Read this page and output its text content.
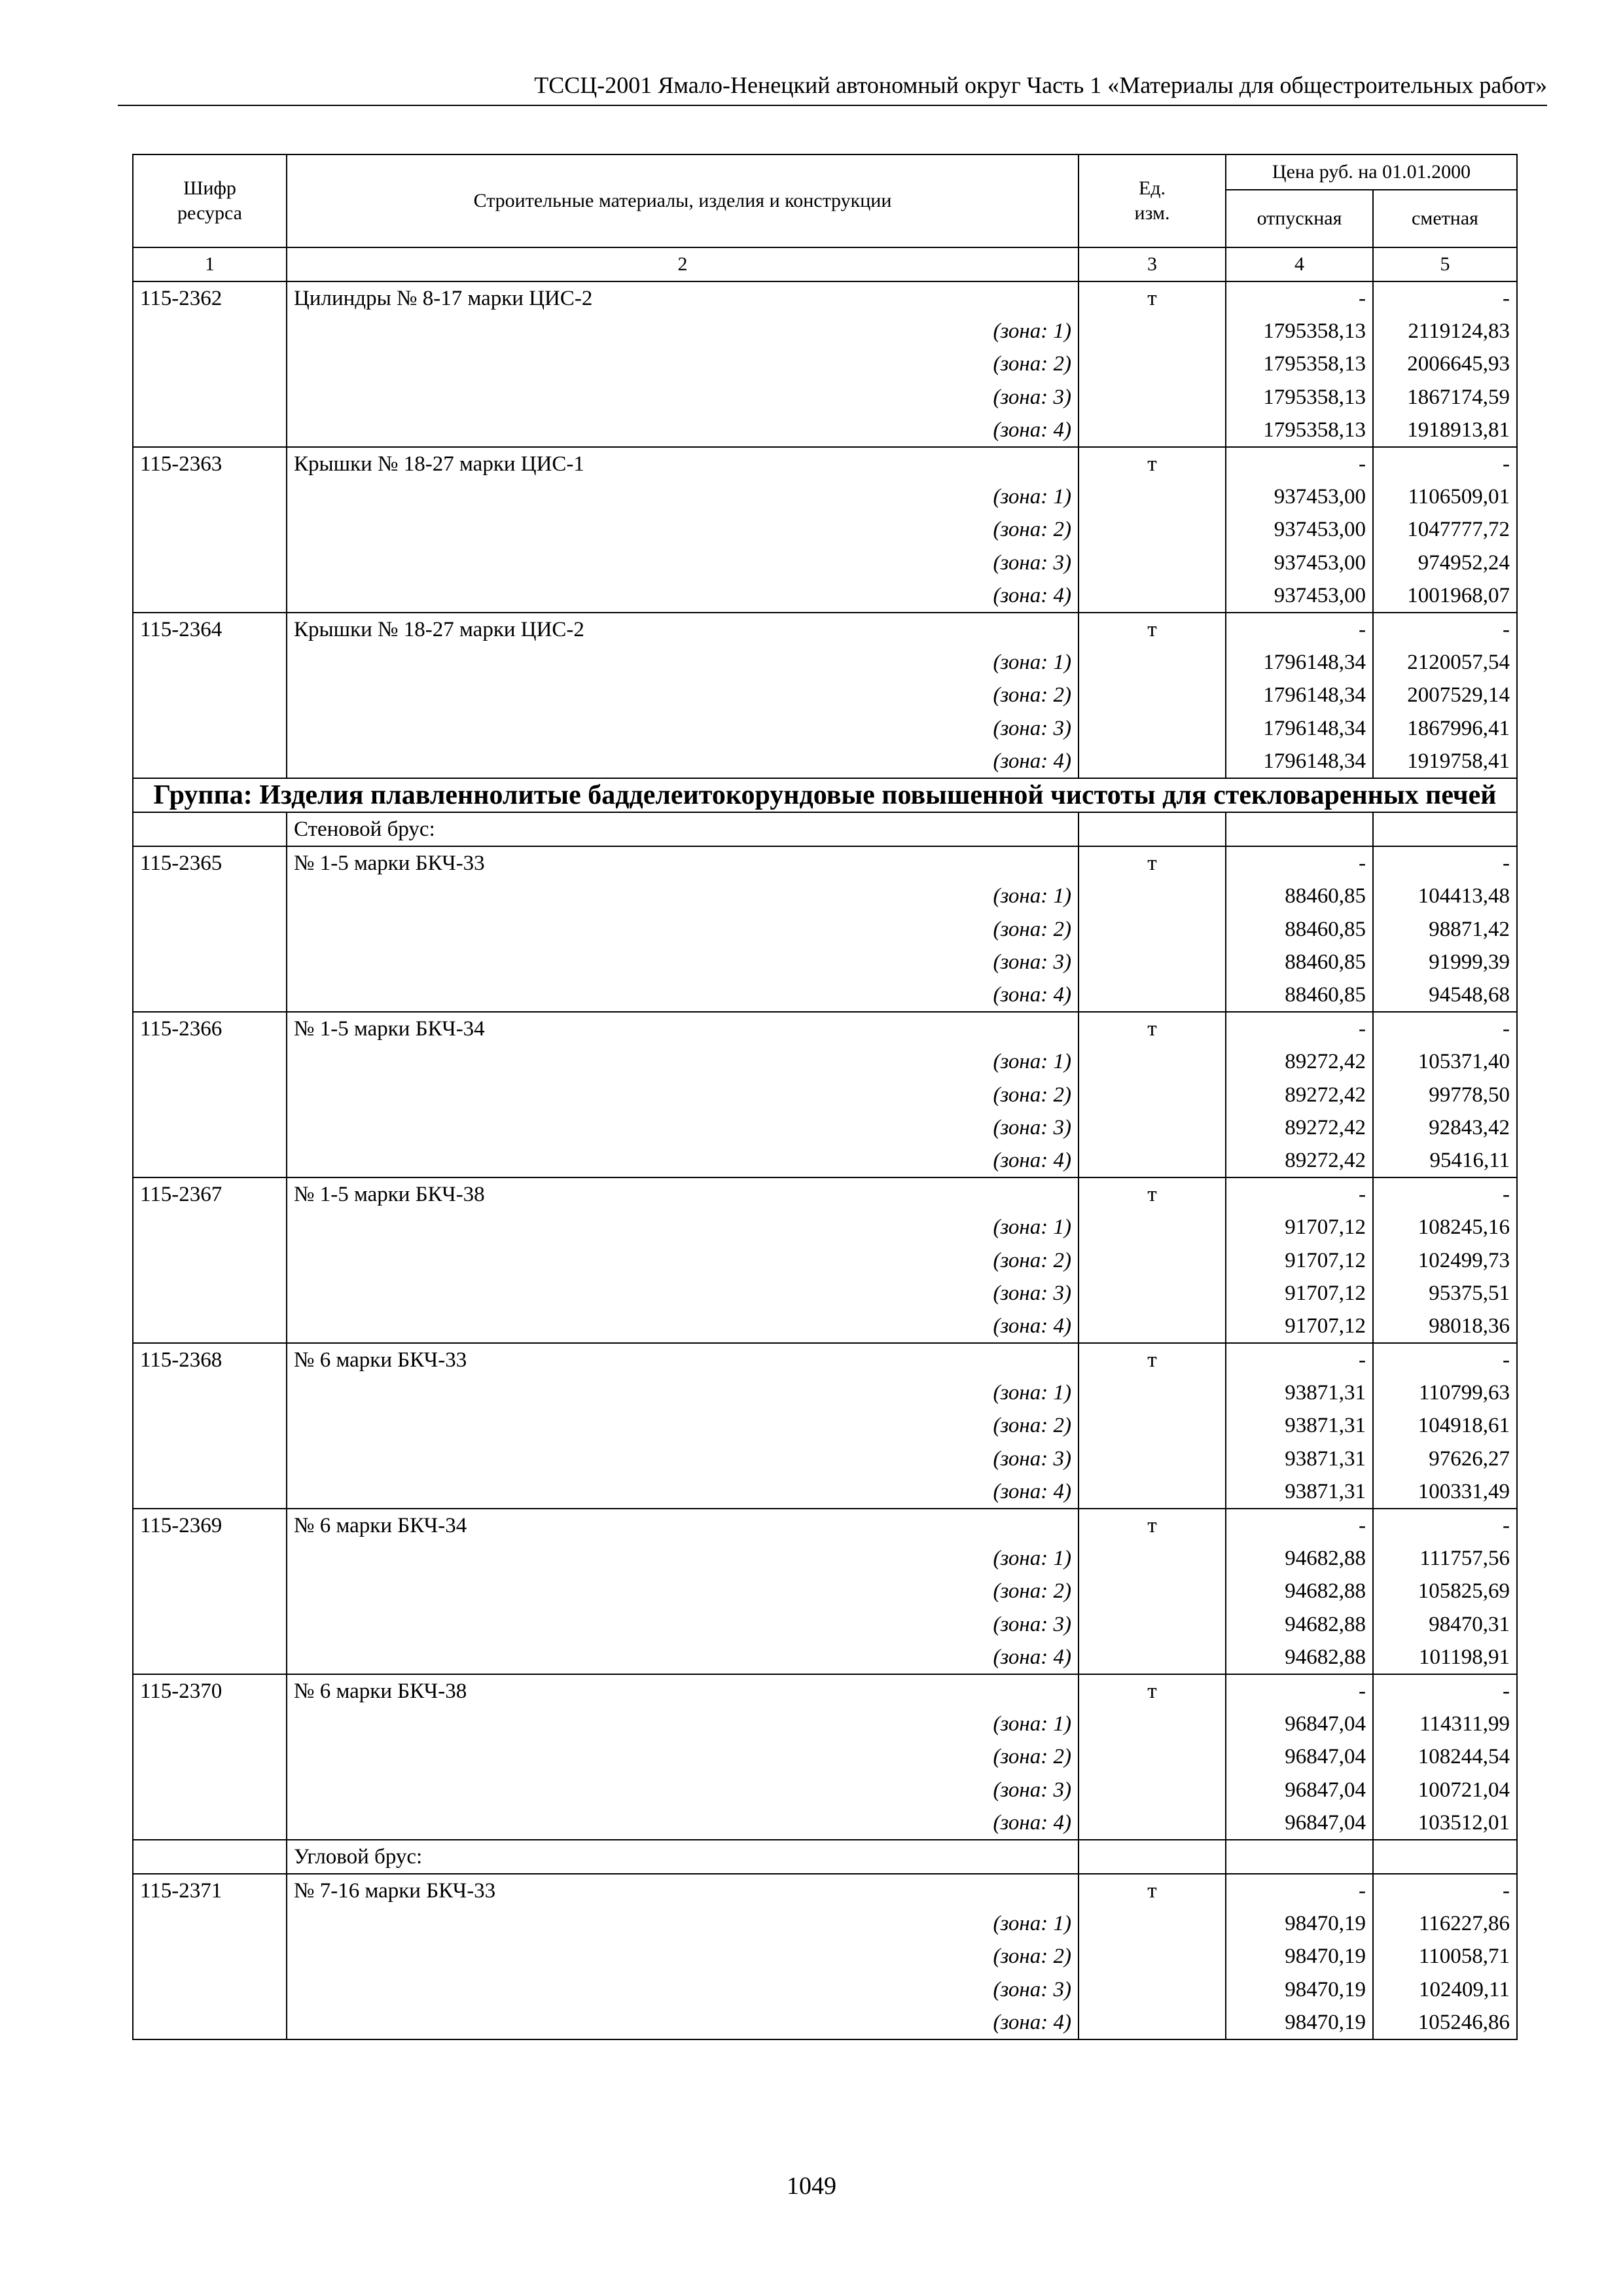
ТССЦ-2001 Ямало-Ненецкий автономный округ Часть 1 «Материалы для общестроительных работ»
Шифр ресурса	Строительные материалы, изделия и конструкции	Ед. изм.	Цена руб. на 01.01.2000	
			отпускная	сметная
1	2	3	4	5
115-2362	Цилиндры № 8-17 марки ЦИС-2	т	-	-
	(зона: 1)		1795358,13	2119124,83
	(зона: 2)		1795358,13	2006645,93
	(зона: 3)		1795358,13	1867174,59
	(зона: 4)		1795358,13	1918913,81
115-2363	Крышки № 18-27 марки ЦИС-1	т	-	-
	(зона: 1)		937453,00	1106509,01
	(зона: 2)		937453,00	1047777,72
	(зона: 3)		937453,00	974952,24
	(зона: 4)		937453,00	1001968,07
115-2364	Крышки № 18-27 марки ЦИС-2	т	-	-
	(зона: 1)		1796148,34	2120057,54
	(зона: 2)		1796148,34	2007529,14
	(зона: 3)		1796148,34	1867996,41
	(зона: 4)		1796148,34	1919758,41
Группа: Изделия плавленнолитые бадделеитокорундовые повышенной чистоты для стекловаренных печей				
	Стеновой брус:			
115-2365	№ 1-5 марки БКЧ-33	т	-	-
	(зона: 1)		88460,85	104413,48
	(зона: 2)		88460,85	98871,42
	(зона: 3)		88460,85	91999,39
	(зона: 4)		88460,85	94548,68
115-2366	№ 1-5 марки БКЧ-34	т	-	-
	(зона: 1)		89272,42	105371,40
	(зона: 2)		89272,42	99778,50
	(зона: 3)		89272,42	92843,42
	(зона: 4)		89272,42	95416,11
115-2367	№ 1-5 марки БКЧ-38	т	-	-
	(зона: 1)		91707,12	108245,16
	(зона: 2)		91707,12	102499,73
	(зона: 3)		91707,12	95375,51
	(зона: 4)		91707,12	98018,36
115-2368	№ 6 марки БКЧ-33	т	-	-
	(зона: 1)		93871,31	110799,63
	(зона: 2)		93871,31	104918,61
	(зона: 3)		93871,31	97626,27
	(зона: 4)		93871,31	100331,49
115-2369	№ 6 марки БКЧ-34	т	-	-
	(зона: 1)		94682,88	111757,56
	(зона: 2)		94682,88	105825,69
	(зона: 3)		94682,88	98470,31
	(зона: 4)		94682,88	101198,91
115-2370	№ 6 марки БКЧ-38	т	-	-
	(зона: 1)		96847,04	114311,99
	(зона: 2)		96847,04	108244,54
	(зона: 3)		96847,04	100721,04
	(зона: 4)		96847,04	103512,01
	Угловой брус:			
115-2371	№ 7-16 марки БКЧ-33	т	-	-
	(зона: 1)		98470,19	116227,86
	(зона: 2)		98470,19	110058,71
	(зона: 3)		98470,19	102409,11
	(зона: 4)		98470,19	105246,86
1049
